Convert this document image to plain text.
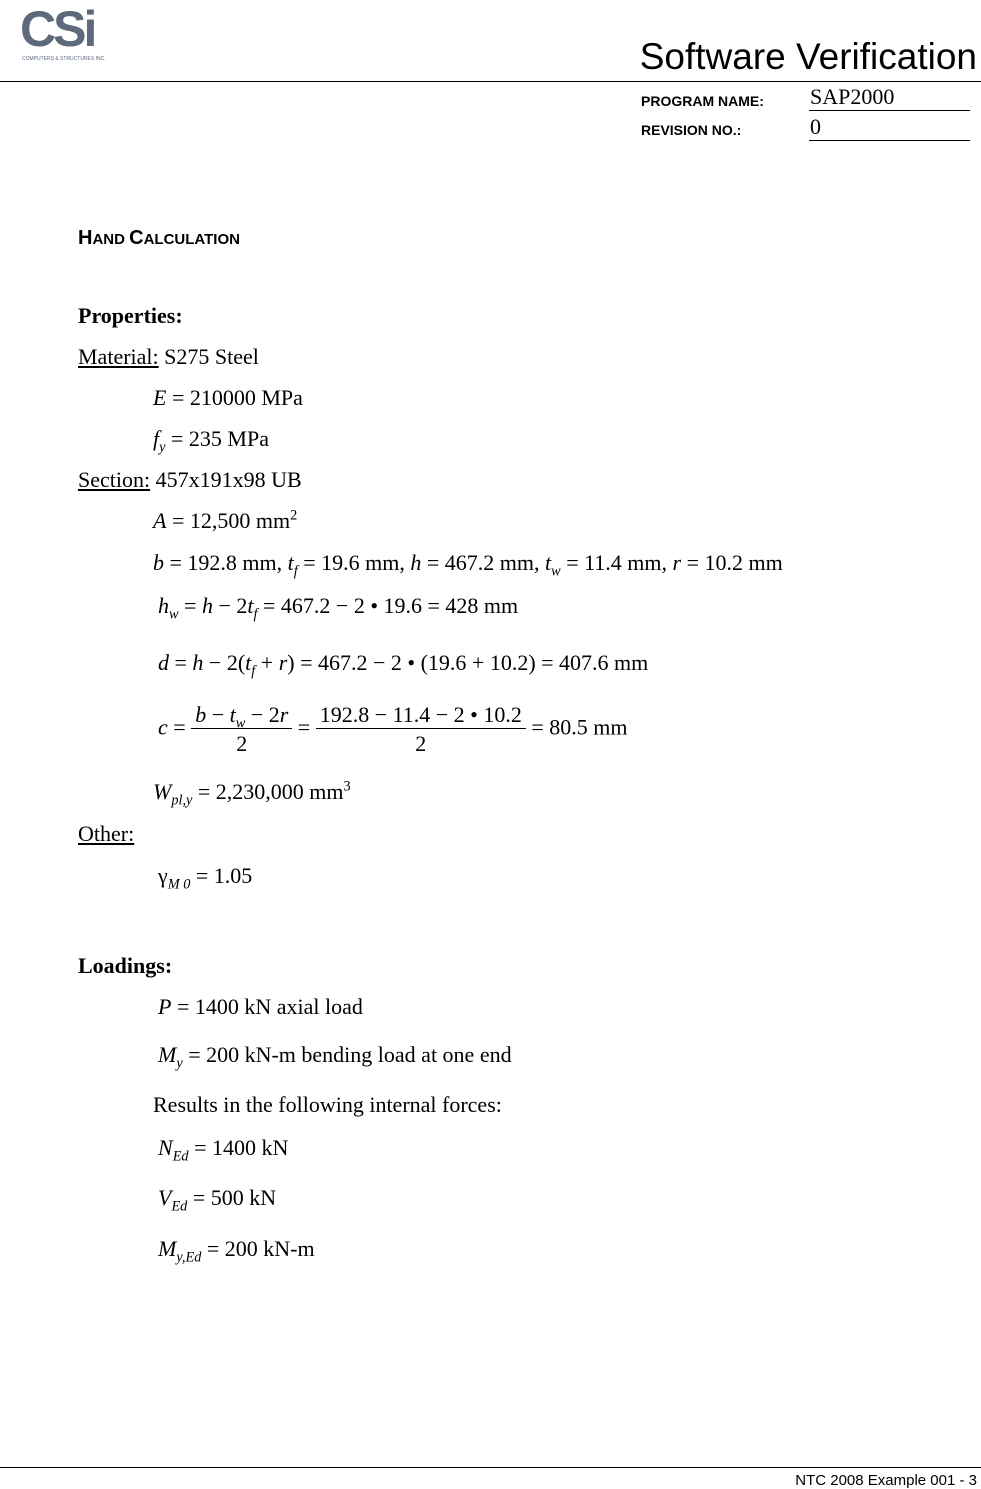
CSi
COMPUTERS & STRUCTURES INC.	Software Verification
PROGRAM NAME: SAP2000
REVISION NO.:	0
HAND CALCULATION
Properties:
Material: S275 Steel
E = 210000 MPa
$f_y = 235$ MPa
Section: 457x191x98 UB
A = 12,500 $mm^2$
b = 192.8 mm, $t_f = 19.6$ mm, h = 467.2 mm, $t_w = 11.4$ mm, r = 10.2 mm
$h_w = h - 2t_f = 467.2 - 2$ • 19.6 = 428 mm
$d = h - 2(t_f + r) = 467.2 - 2$ • (19.6 + 10.2) = 407.6 mm
$c = \frac{b - t_w - 2r}{2} = \frac{192.8 - 11.4 - 2 • 10.2}{2} = 80.5$ mm
$W_{pl,y} = 2,230,000$ $mm^3$
Other:
$\gamma_{M 0} = 1.05$
Loadings:
P = 1400 kN axial load
$M_y = 200$ kN-m bending load at one end
Results in the following internal forces:
$N_{Ed} = 1400$ kN
$V_{Ed} = 500$ kN
$M_{y,Ed} = 200$ kN-m
NTC 2008 Example 001 - 3
